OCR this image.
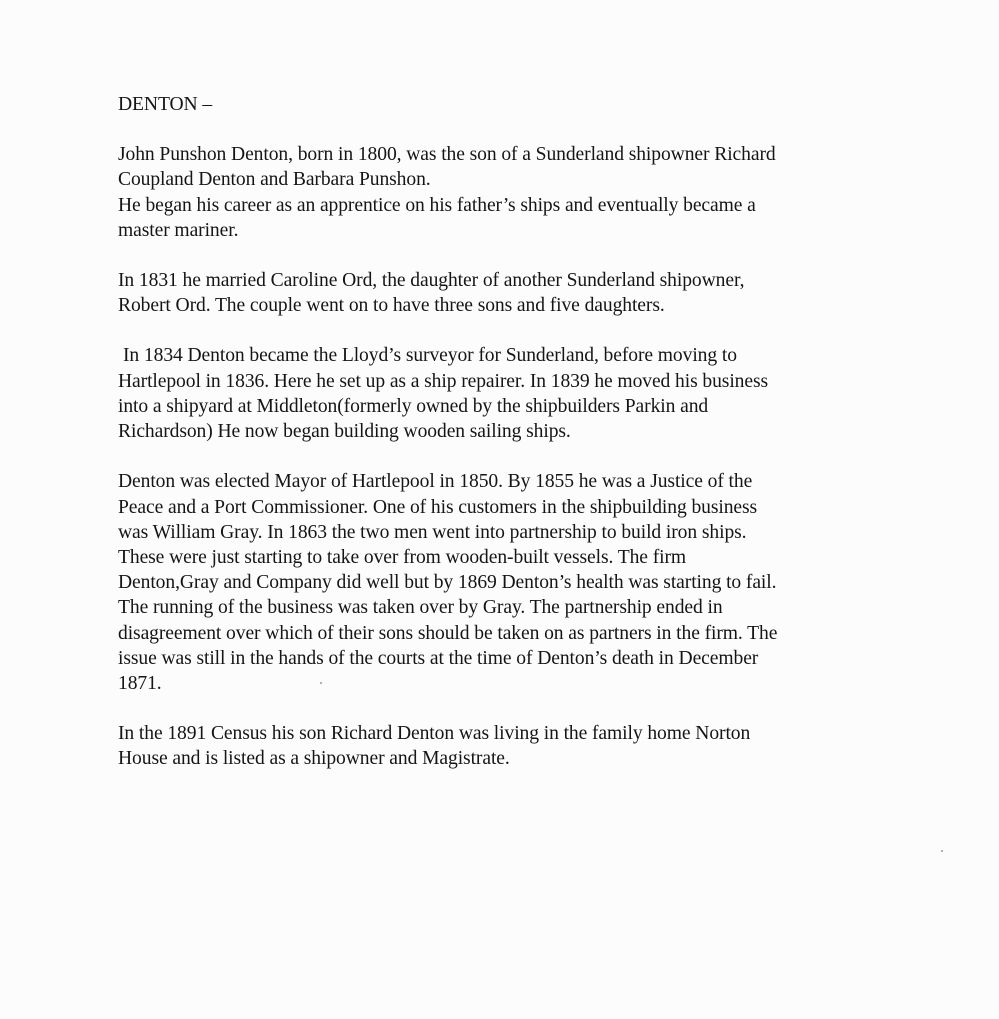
DENTON –
John Punshon Denton, born in 1800, was the son of a Sunderland shipowner Richard
Coupland Denton and Barbara Punshon.
He began his career as an apprentice on his father’s ships and eventually became a
master mariner.
In 1831 he married Caroline Ord, the daughter of another Sunderland shipowner,
Robert Ord. The couple went on to have three sons and five daughters.
In 1834 Denton became the Lloyd’s surveyor for Sunderland, before moving to
Hartlepool in 1836. Here he set up as a ship repairer. In 1839 he moved his business
into a shipyard at Middleton(formerly owned by the shipbuilders Parkin and
Richardson) He now began building wooden sailing ships.
Denton was elected Mayor of Hartlepool in 1850. By 1855 he was a Justice of the
Peace and a Port Commissioner. One of his customers in the shipbuilding business
was William Gray. In 1863 the two men went into partnership to build iron ships.
These were just starting to take over from wooden-built vessels. The firm
Denton,Gray and Company did well but by 1869 Denton’s health was starting to fail.
The running of the business was taken over by Gray. The partnership ended in
disagreement over which of their sons should be taken on as partners in the firm. The
issue was still in the hands of the courts at the time of Denton’s death in December
1871.
In the 1891 Census his son Richard Denton was living in the family home Norton
House and is listed as a shipowner and Magistrate.
